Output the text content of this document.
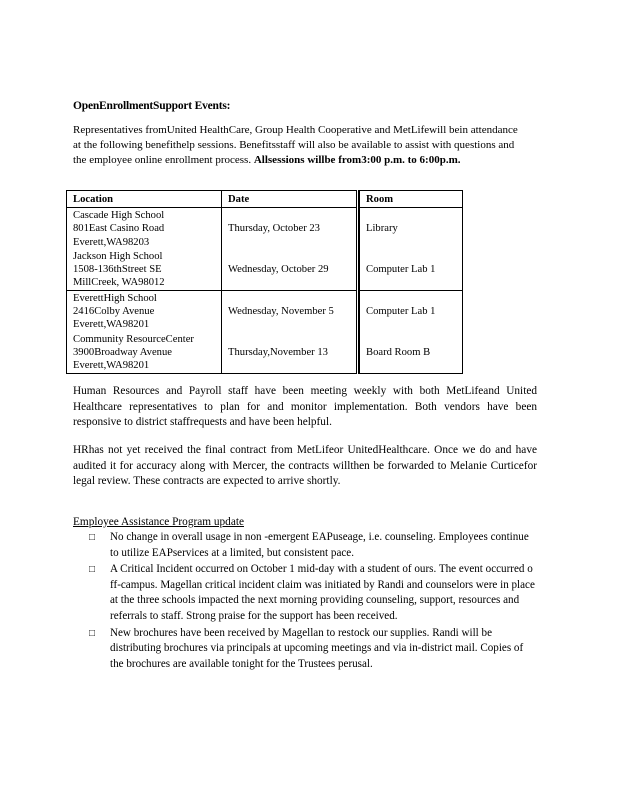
OpenEnrollmentSupport Events:
Representatives fromUnited HealthCare, Group Health Cooperative and MetLifewill bein attendance at the following benefithelp sessions. Benefitsstaff will also be available to assist with questions and the employee online enrollment process. Allsessions willbe from3:00 p.m. to 6:00p.m.
Location	Date		Room

Cascade High School
801East Casino Road
Everett,WA98203	Thursday, October 23		Library

Jackson High School
1508-136thStreet SE
MillCreek, WA98012	Wednesday, October 29		Computer Lab 1

EverettHigh School
2416Colby Avenue
Everett,WA98201	Wednesday, November 5		Computer Lab 1

Community ResourceCenter
3900Broadway Avenue
Everett,WA98201	Thursday,November 13		Board Room B
Human Resources and Payroll staff have been meeting weekly with both MetLifeand United Healthcare representatives to plan for and monitor implementation. Both vendors have been responsive to district staffrequests and have been helpful.
HRhas not yet received the final contract from MetLifeor UnitedHealthcare. Once we do and have audited it for accuracy along with Mercer, the contracts willthen be forwarded to Melanie Curticefor legal review. These contracts are expected to arrive shortly.
Employee Assistance Program update
□ No change in overall usage in non -emergent EAPuseage, i.e. counseling. Employees continue to utilize EAPservices at a limited, but consistent pace.
□ A Critical Incident occurred on October 1 mid-day with a student of ours. The event occurred o ff-campus. Magellan critical incident claim was initiated by Randi and counselors were in place at the three schools impacted the next morning providing counseling, support, resources and referrals to staff. Strong praise for the support has been received.
□ New brochures have been received by Magellan to restock our supplies. Randi will be distributing brochures via principals at upcoming meetings and via in-district mail. Copies of the brochures are available tonight for the Trustees perusal.
